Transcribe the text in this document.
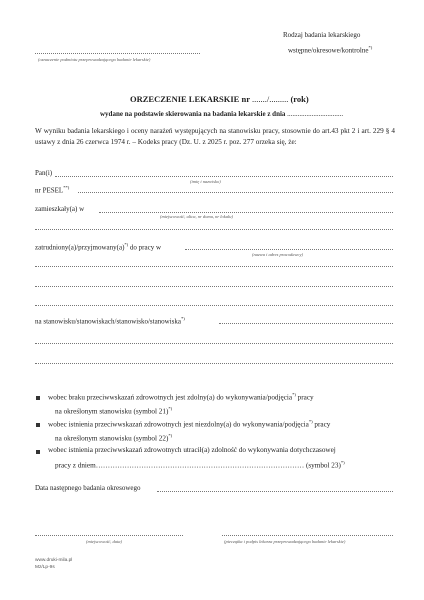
Rodzaj badania lekarskiego
wstępne/okresowe/kontrolne*)
(oznaczenie podmiotu przeprowadzającego badanie lekarskie)
ORZECZENIE LEKARSKIE nr ......./......... (rok)
wydane na podstawie skierowania na badania lekarskie z dnia ................................
W wyniku badania lekarskiego i oceny narażeń występujących na stanowisku pracy, stosownie do art.43 pkt 2 i art. 229 § 4 ustawy z dnia 26 czerwca 1974 r. – Kodeks pracy (Dz. U. z 2025 r. poz. 277 orzeka się, że:
Pan(i)
(imię i nazwisko)
nr PESEL**)
zamieszkały(a) w
(miejscowość, ulica, nr domu, nr lokalu)
zatrudniony(a)/przyjmowany(a)*) do pracy w
(nazwa i adres pracodawcy)
na stanowisku/stanowiskach/stanowisko/stanowiska*)
wobec braku przeciwwskazań zdrowotnych jest zdolny(a) do wykonywania/podjęcia*) pracy
na określonym stanowisku (symbol 21)*)
wobec istnienia przeciwwskazań zdrowotnych jest niezdolny(a) do wykonywania/podjęcia*) pracy
na określonym stanowisku (symbol 22)*)
wobec istnienia przeciwwskazań zdrowotnych utracił(a) zdolność do wykonywania dotychczasowej
pracy z dniem…………………………………………………………………………… (symbol 23)*)
Data następnego badania okresowego
(miejscowość, data)	(pieczątka i podpis lekarza przeprowadzającego badanie lekarskie)
www.druki-mila.pl
Mz/Lp-9s
